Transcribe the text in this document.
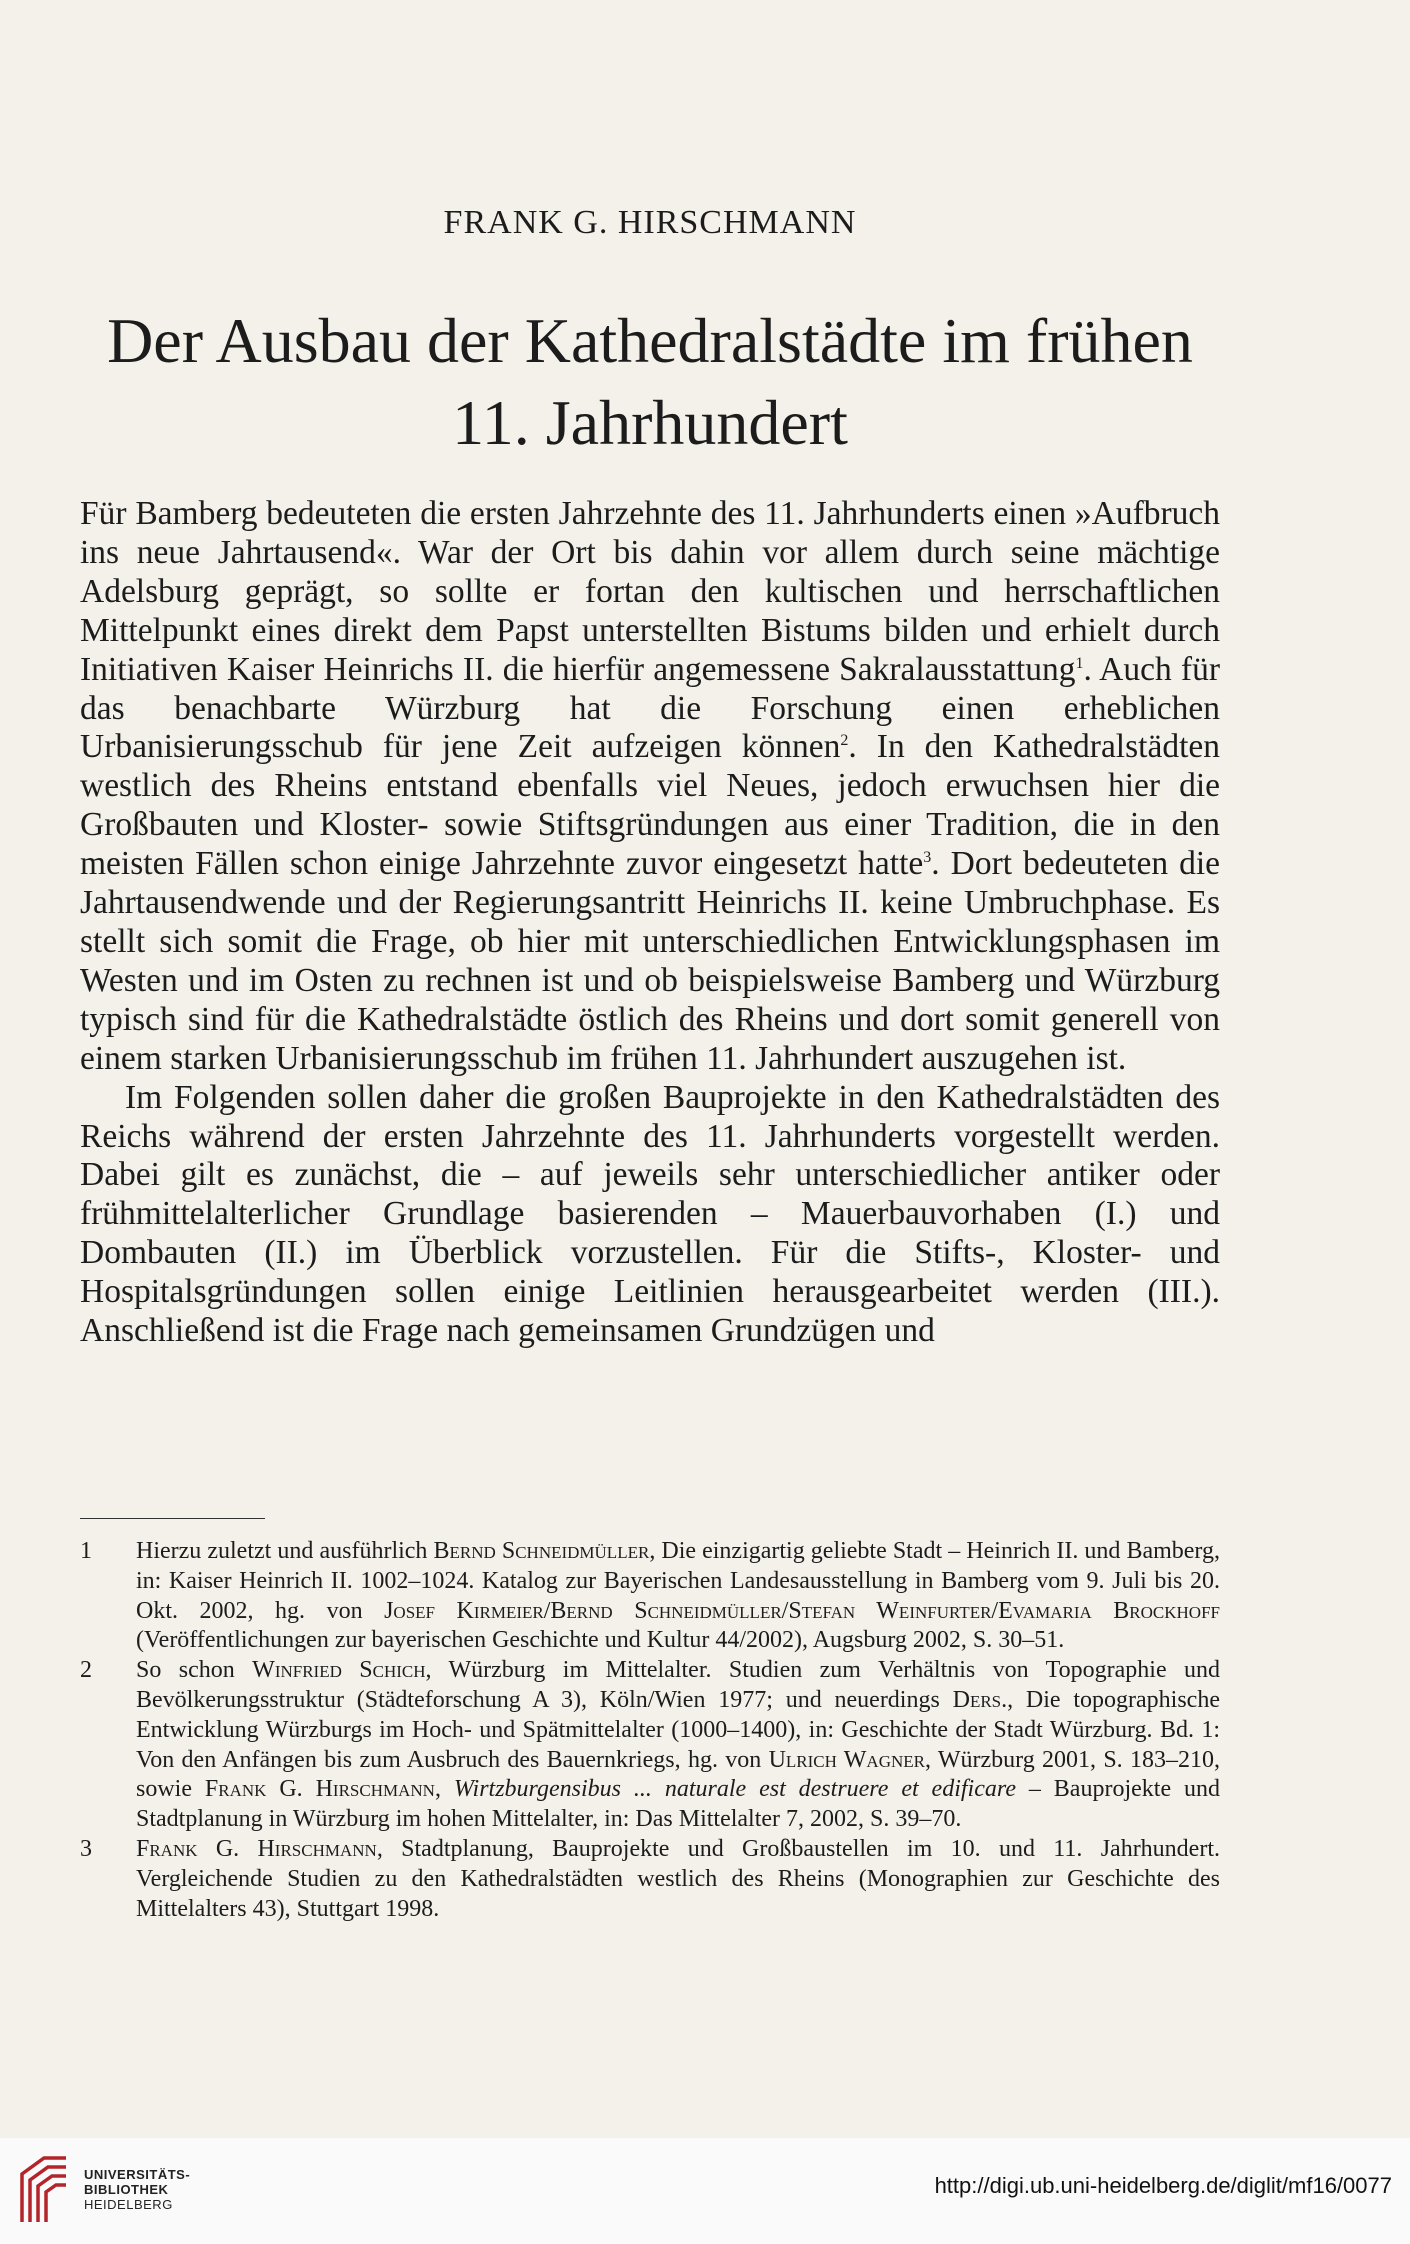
FRANK G. HIRSCHMANN
Der Ausbau der Kathedralstädte im frühen
11. Jahrhundert

Für Bamberg bedeuteten die ersten Jahrzehnte des 11. Jahrhunderts einen »Aufbruch ins neue Jahrtausend«. War der Ort bis dahin vor allem durch seine mächtige Adelsburg geprägt, so sollte er fortan den kultischen und herrschaftlichen Mittelpunkt eines direkt dem Papst unterstellten Bistums bilden und erhielt durch Initiativen Kaiser Heinrichs II. die hierfür angemessene Sakralausstattung$^1$. Auch für das benachbarte Würzburg hat die Forschung einen erheblichen Urbanisierungsschub für jene Zeit aufzeigen können$^2$. In den Kathedralstädten westlich des Rheins entstand ebenfalls viel Neues, jedoch erwuchsen hier die Großbauten und Kloster- sowie Stiftsgründungen aus einer Tradition, die in den meisten Fällen schon einige Jahrzehnte zuvor eingesetzt hatte$^3$. Dort bedeuteten die Jahrtausendwende und der Regierungsantritt Heinrichs II. keine Umbruchphase. Es stellt sich somit die Frage, ob hier mit unterschiedlichen Entwicklungsphasen im Westen und im Osten zu rechnen ist und ob beispielsweise Bamberg und Würzburg typisch sind für die Kathedralstädte östlich des Rheins und dort somit generell von einem starken Urbanisierungsschub im frühen 11. Jahrhundert auszugehen ist.

Im Folgenden sollen daher die großen Bauprojekte in den Kathedralstädten des Reichs während der ersten Jahrzehnte des 11. Jahrhunderts vorgestellt werden. Dabei gilt es zunächst, die – auf jeweils sehr unterschiedlicher antiker oder frühmittelalterlicher Grundlage basierenden – Mauerbauvorhaben (I.) und Dombauten (II.) im Überblick vorzustellen. Für die Stifts-, Kloster- und Hospitalsgründungen sollen einige Leitlinien herausgearbeitet werden (III.). Anschließend ist die Frage nach gemeinsamen Grundzügen und

1	Hierzu zuletzt und ausführlich Bernd Schneidmüller, Die einzigartig geliebte Stadt – Heinrich II. und Bamberg, in: Kaiser Heinrich II. 1002–1024. Katalog zur Bayerischen Landesausstellung in Bamberg vom 9. Juli bis 20. Okt. 2002, hg. von Josef Kirmeier/Bernd Schneidmüller/Stefan Weinfurter/Evamaria Brockhoff (Veröffentlichungen zur bayerischen Geschichte und Kultur 44/2002), Augsburg 2002, S. 30–51.
2	So schon Winfried Schich, Würzburg im Mittelalter. Studien zum Verhältnis von Topographie und Bevölkerungsstruktur (Städteforschung A 3), Köln/Wien 1977; und neuerdings Ders., Die topographische Entwicklung Würzburgs im Hoch- und Spätmittelalter (1000–1400), in: Geschichte der Stadt Würzburg. Bd. 1: Von den Anfängen bis zum Ausbruch des Bauernkriegs, hg. von Ulrich Wagner, Würzburg 2001, S. 183–210, sowie Frank G. Hirschmann, Wirtzburgensibus ... naturale est destruere et edificare – Bauprojekte und Stadtplanung in Würzburg im hohen Mittelalter, in: Das Mittelalter 7, 2002, S. 39–70.
3	Frank G. Hirschmann, Stadtplanung, Bauprojekte und Großbaustellen im 10. und 11. Jahrhundert. Vergleichende Studien zu den Kathedralstädten westlich des Rheins (Monographien zur Geschichte des Mittelalters 43), Stuttgart 1998.
UNIVERSITÄTS-
BIBLIOTHEK
HEIDELBERG
http://digi.ub.uni-heidelberg.de/diglit/mf16/0077
